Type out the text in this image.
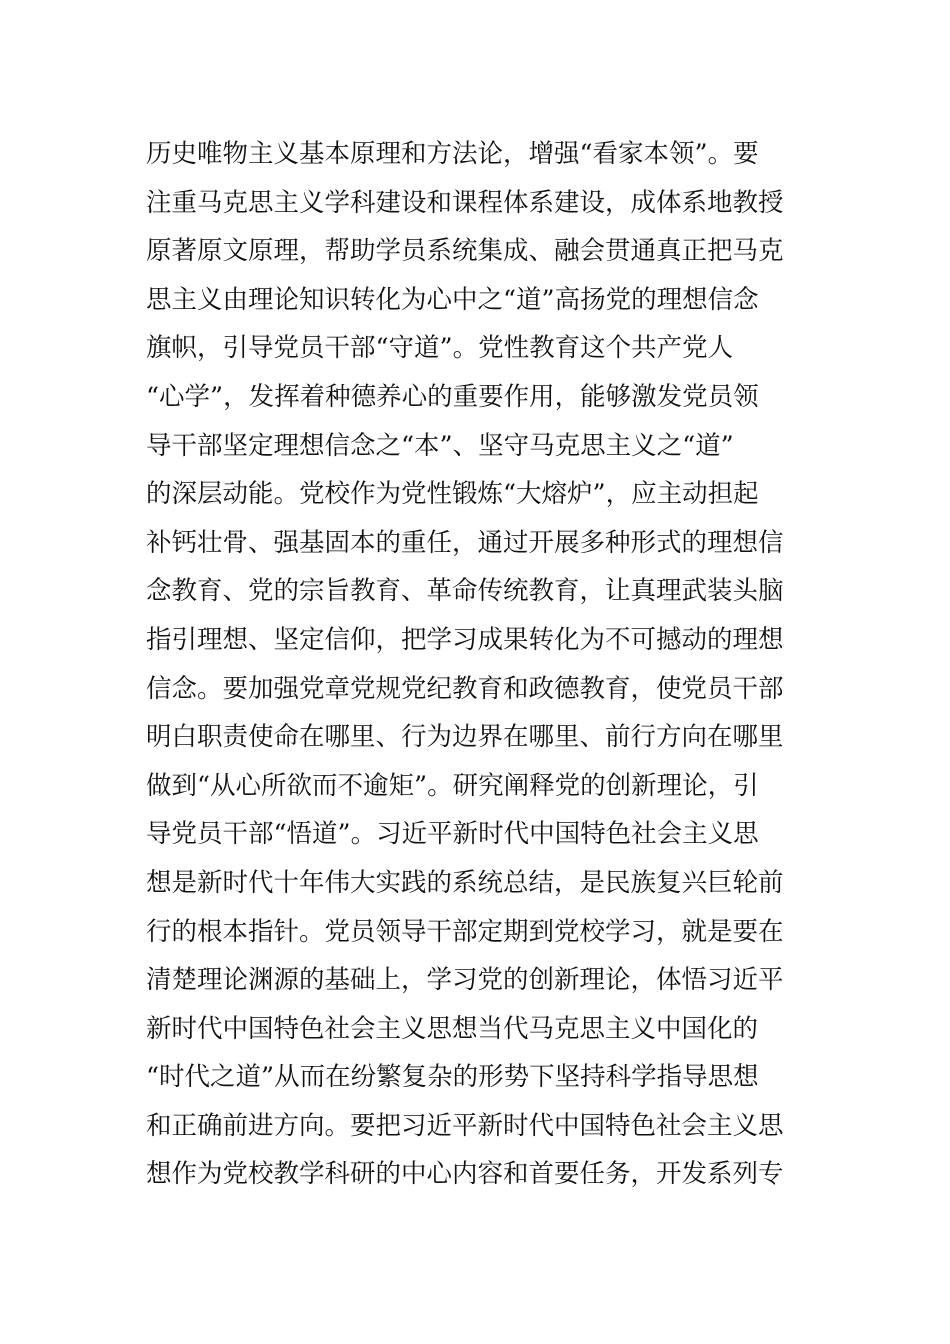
历史唯物主义基本原理和方法论，增强“看家本领”。要
注重马克思主义学科建设和课程体系建设，成体系地教授
原著原文原理，帮助学员系统集成、融会贯通真正把马克
思主义由理论知识转化为心中之“道”高扬党的理想信念
旗帜，引导党员干部“守道”。党性教育这个共产党人
“心学”，发挥着种德养心的重要作用，能够激发党员领
导干部坚定理想信念之“本”、坚守马克思主义之“道”
的深层动能。党校作为党性锻炼“大熔炉”，应主动担起
补钙壮骨、强基固本的重任，通过开展多种形式的理想信
念教育、党的宗旨教育、革命传统教育，让真理武装头脑
指引理想、坚定信仰，把学习成果转化为不可撼动的理想
信念。要加强党章党规党纪教育和政德教育，使党员干部
明白职责使命在哪里、行为边界在哪里、前行方向在哪里
做到“从心所欲而不逾矩”。研究阐释党的创新理论，引
导党员干部“悟道”。习近平新时代中国特色社会主义思
想是新时代十年伟大实践的系统总结，是民族复兴巨轮前
行的根本指针。党员领导干部定期到党校学习，就是要在
清楚理论渊源的基础上，学习党的创新理论，体悟习近平
新时代中国特色社会主义思想当代马克思主义中国化的
“时代之道”从而在纷繁复杂的形势下坚持科学指导思想
和正确前进方向。要把习近平新时代中国特色社会主义思
想作为党校教学科研的中心内容和首要任务，开发系列专
